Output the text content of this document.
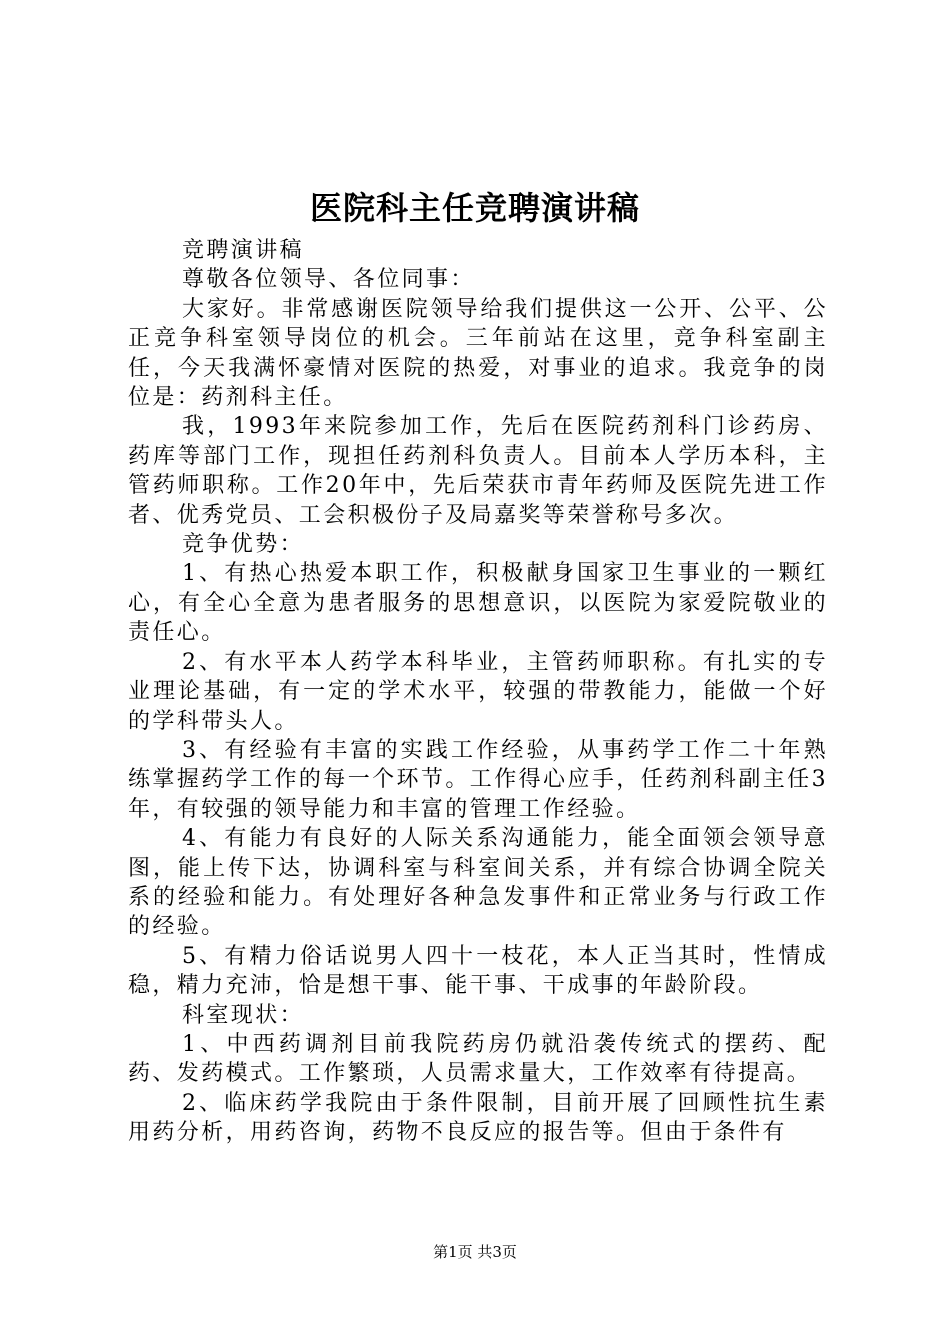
医院科主任竞聘演讲稿

竞聘演讲稿

尊敬各位领导、各位同事：

大家好。非常感谢医院领导给我们提供这一公开、公平、公正竞争科室领导岗位的机会。三年前站在这里，竞争科室副主任，今天我满怀豪情对医院的热爱，对事业的追求。我竞争的岗位是：药剂科主任。

我，1993年来院参加工作，先后在医院药剂科门诊药房、药库等部门工作，现担任药剂科负责人。目前本人学历本科，主管药师职称。工作20年中，先后荣获市青年药师及医院先进工作者、优秀党员、工会积极份子及局嘉奖等荣誉称号多次。

竞争优势：

1、有热心热爱本职工作，积极献身国家卫生事业的一颗红心，有全心全意为患者服务的思想意识，以医院为家爱院敬业的责任心。

2、有水平本人药学本科毕业，主管药师职称。有扎实的专业理论基础，有一定的学术水平，较强的带教能力，能做一个好的学科带头人。

3、有经验有丰富的实践工作经验，从事药学工作二十年熟练掌握药学工作的每一个环节。工作得心应手，任药剂科副主任3年，有较强的领导能力和丰富的管理工作经验。

4、有能力有良好的人际关系沟通能力，能全面领会领导意图，能上传下达，协调科室与科室间关系，并有综合协调全院关系的经验和能力。有处理好各种急发事件和正常业务与行政工作的经验。

5、有精力俗话说男人四十一枝花，本人正当其时，性情成稳，精力充沛，恰是想干事、能干事、干成事的年龄阶段。

科室现状：

1、中西药调剂目前我院药房仍就沿袭传统式的摆药、配药、发药模式。工作繁琐，人员需求量大，工作效率有待提高。

2、临床药学我院由于条件限制，目前开展了回顾性抗生素用药分析，用药咨询，药物不良反应的报告等。但由于条件有

第1页 共3页
